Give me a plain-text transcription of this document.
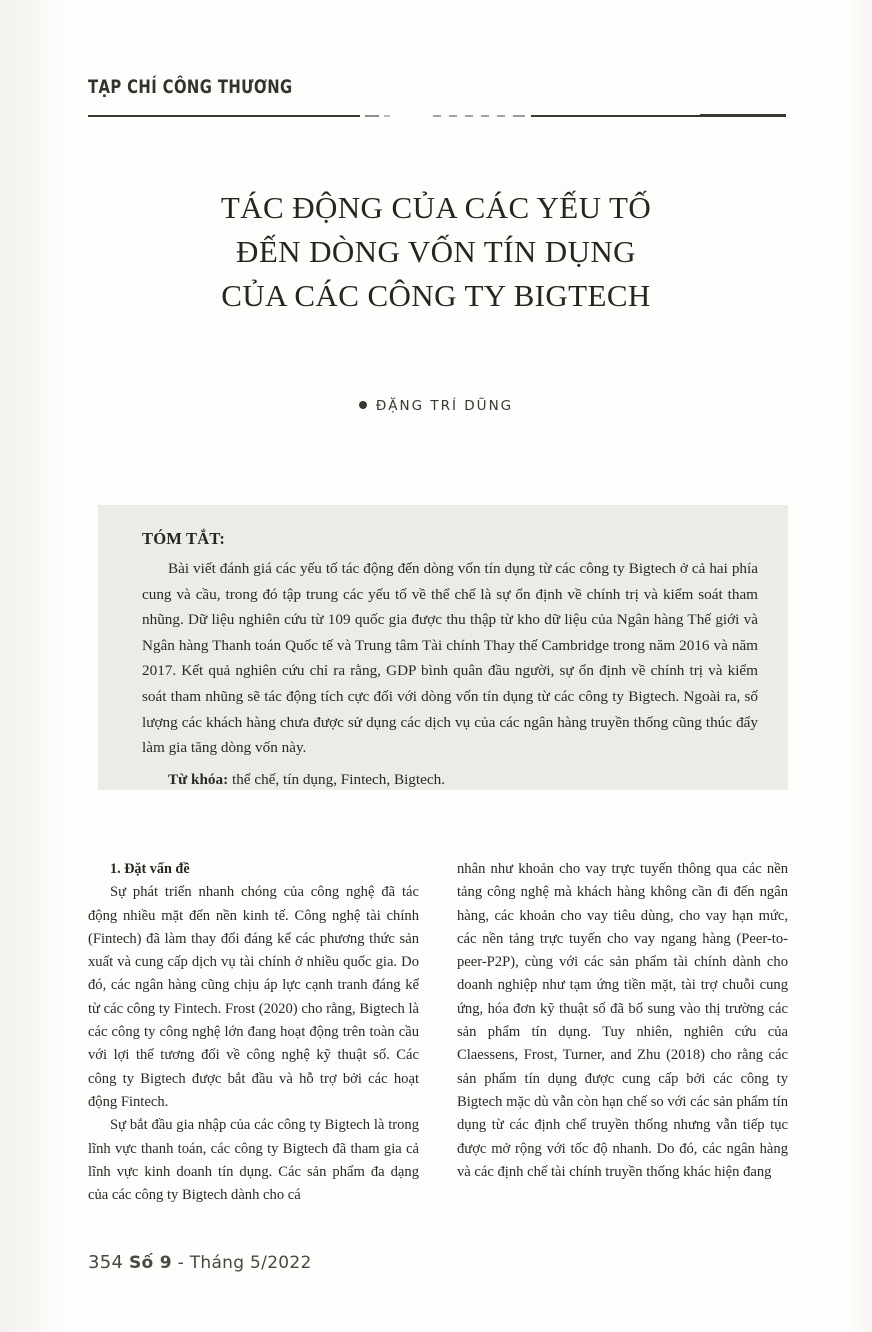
TẠP CHÍ CÔNG THƯƠNG
TÁC ĐỘNG CỦA CÁC YẾU TỐ
ĐẾN DÒNG VỐN TÍN DỤNG
CỦA CÁC CÔNG TY BIGTECH
ĐẶNG TRÍ DŨNG
TÓM TẮT:

Bài viết đánh giá các yếu tố tác động đến dòng vốn tín dụng từ các công ty Bigtech ở cả hai phía cung và cầu, trong đó tập trung các yếu tố về thể chế là sự ổn định về chính trị và kiểm soát tham nhũng. Dữ liệu nghiên cứu từ 109 quốc gia được thu thập từ kho dữ liệu của Ngân hàng Thế giới và Ngân hàng Thanh toán Quốc tế và Trung tâm Tài chính Thay thế Cambridge trong năm 2016 và năm 2017. Kết quả nghiên cứu chỉ ra rằng, GDP bình quân đầu người, sự ổn định về chính trị và kiểm soát tham nhũng sẽ tác động tích cực đối với dòng vốn tín dụng từ các công ty Bigtech. Ngoài ra, số lượng các khách hàng chưa được sử dụng các dịch vụ của các ngân hàng truyền thống cũng thúc đẩy làm gia tăng dòng vốn này.

Từ khóa: thể chế, tín dụng, Fintech, Bigtech.

1. Đặt vấn đề

Sự phát triển nhanh chóng của công nghệ đã tác động nhiều mặt đến nền kinh tế. Công nghệ tài chính (Fintech) đã làm thay đổi đáng kể các phương thức sản xuất và cung cấp dịch vụ tài chính ở nhiều quốc gia. Do đó, các ngân hàng cũng chịu áp lực cạnh tranh đáng kể từ các công ty Fintech. Frost (2020) cho rằng, Bigtech là các công ty công nghệ lớn đang hoạt động trên toàn cầu với lợi thế tương đối về công nghệ kỹ thuật số. Các công ty Bigtech được bắt đầu và hỗ trợ bởi các hoạt động Fintech.

Sự bắt đầu gia nhập của các công ty Bigtech là trong lĩnh vực thanh toán, các công ty Bigtech đã tham gia cả lĩnh vực kinh doanh tín dụng. Các sản phẩm đa dạng của các công ty Bigtech dành cho cá

nhân như khoản cho vay trực tuyến thông qua các nền tảng công nghệ mà khách hàng không cần đi đến ngân hàng, các khoản cho vay tiêu dùng, cho vay hạn mức, các nền tảng trực tuyến cho vay ngang hàng (Peer-to-peer-P2P), cùng với các sản phẩm tài chính dành cho doanh nghiệp như tạm ứng tiền mặt, tài trợ chuỗi cung ứng, hóa đơn kỹ thuật số đã bổ sung vào thị trường các sản phẩm tín dụng. Tuy nhiên, nghiên cứu của Claessens, Frost, Turner, and Zhu (2018) cho rằng các sản phẩm tín dụng được cung cấp bởi các công ty Bigtech mặc dù vẫn còn hạn chế so với các sản phẩm tín dụng từ các định chế truyền thống nhưng vẫn tiếp tục được mở rộng với tốc độ nhanh. Do đó, các ngân hàng và các định chế tài chính truyền thống khác hiện đang

354 Số 9 - Tháng 5/2022
